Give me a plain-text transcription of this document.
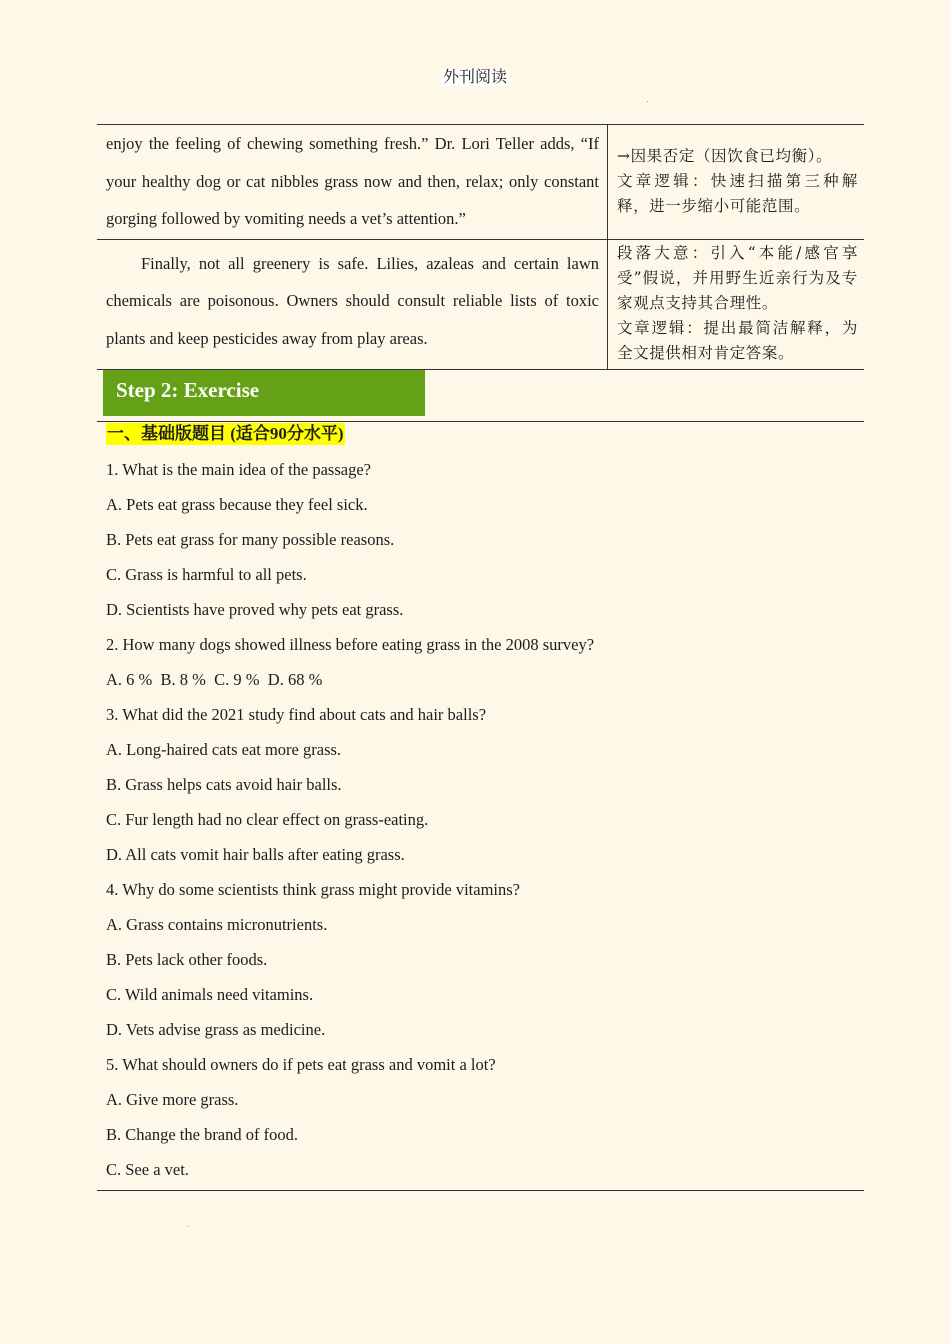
外刊阅读
enjoy the feeling of chewing something fresh.” Dr. Lori Teller adds, “If your healthy dog or cat nibbles grass now and then, relax; only constant gorging followed by vomiting needs a vet’s attention.”	→因果否定（因饮食已均衡）。
文章逻辑：快速扫描第三种解释，进一步缩小可能范围。

Finally, not all greenery is safe. Lilies, azaleas and certain lawn chemicals are poisonous. Owners should consult reliable lists of toxic plants and keep pesticides away from play areas.	段落大意：引入“本能/感官享受”假说，并用野生近亲行为及专家观点支持其合理性。
文章逻辑：提出最简洁解释，为全文提供相对肯定答案。
Step 2: Exercise
一、基础版题目 (适合90分水平)
1. What is the main idea of the passage?
A. Pets eat grass because they feel sick.
B. Pets eat grass for many possible reasons.
C. Grass is harmful to all pets.
D. Scientists have proved why pets eat grass.
2. How many dogs showed illness before eating grass in the 2008 survey?
A. 6 %  B. 8 %  C. 9 %  D. 68 %
3. What did the 2021 study find about cats and hair balls?
A. Long-haired cats eat more grass.
B. Grass helps cats avoid hair balls.
C. Fur length had no clear effect on grass-eating.
D. All cats vomit hair balls after eating grass.
4. Why do some scientists think grass might provide vitamins?
A. Grass contains micronutrients.
B. Pets lack other foods.
C. Wild animals need vitamins.
D. Vets advise grass as medicine.
5. What should owners do if pets eat grass and vomit a lot?
A. Give more grass.
B. Change the brand of food.
C. See a vet.
